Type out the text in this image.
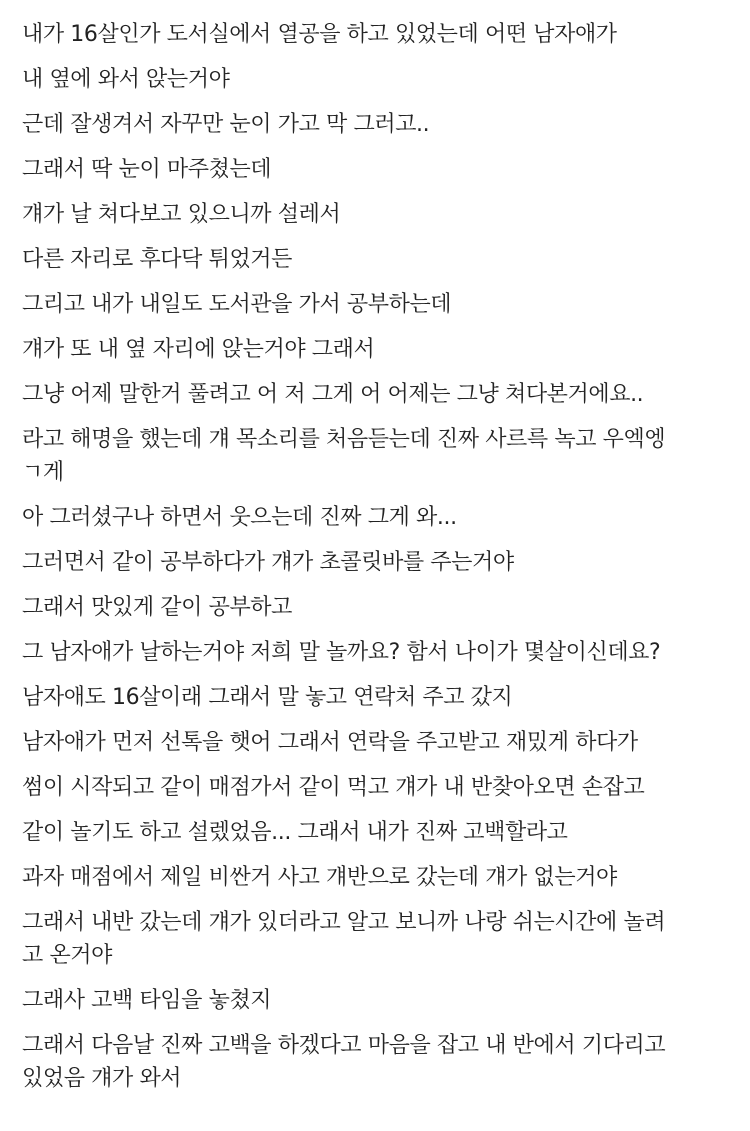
내가 16살인가 도서실에서 열공을 하고 있었는데 어떤 남자애가

내 옆에 와서 앉는거야

근데 잘생겨서 자꾸만 눈이 가고 막 그러고..

그래서 딱 눈이 마주쳤는데

걔가 날 쳐다보고 있으니까 설레서

다른 자리로 후다닥 튀었거든

그리고 내가 내일도 도서관을 가서 공부하는데

걔가 또 내 옆 자리에 앉는거야 그래서

그냥 어제 말한거 풀려고 어 저 그게 어 어제는 그냥 쳐다본거에요..

라고 해명을 했는데 걔 목소리를 처음듣는데 진짜 사르륵 녹고 우엑엥

ㄱ게

아 그러셨구나 하면서 웃으는데 진짜 그게 와...

그러면서 같이 공부하다가 걔가 초콜릿바를 주는거야

그래서 맛있게 같이 공부하고

그 남자애가 날하는거야 저희 말 놀까요? 함서 나이가 몇살이신데요?

남자애도 16살이래 그래서 말 놓고 연락처 주고 갔지

남자애가 먼저 선톡을 햇어 그래서 연락을 주고받고 재밌게 하다가

썸이 시작되고 같이 매점가서 같이 먹고 걔가 내 반찾아오면 손잡고

같이 놀기도 하고 설렜었음... 그래서 내가 진짜 고백할라고

과자 매점에서 제일 비싼거 사고 걔반으로 갔는데 걔가 없는거야

그래서 내반 갔는데 걔가 있더라고 알고 보니까 나랑 쉬는시간에 놀려

고 온거야

그래사 고백 타임을 놓쳤지

그래서 다음날 진짜 고백을 하겠다고 마음을 잡고 내 반에서 기다리고

있었음 걔가 와서
